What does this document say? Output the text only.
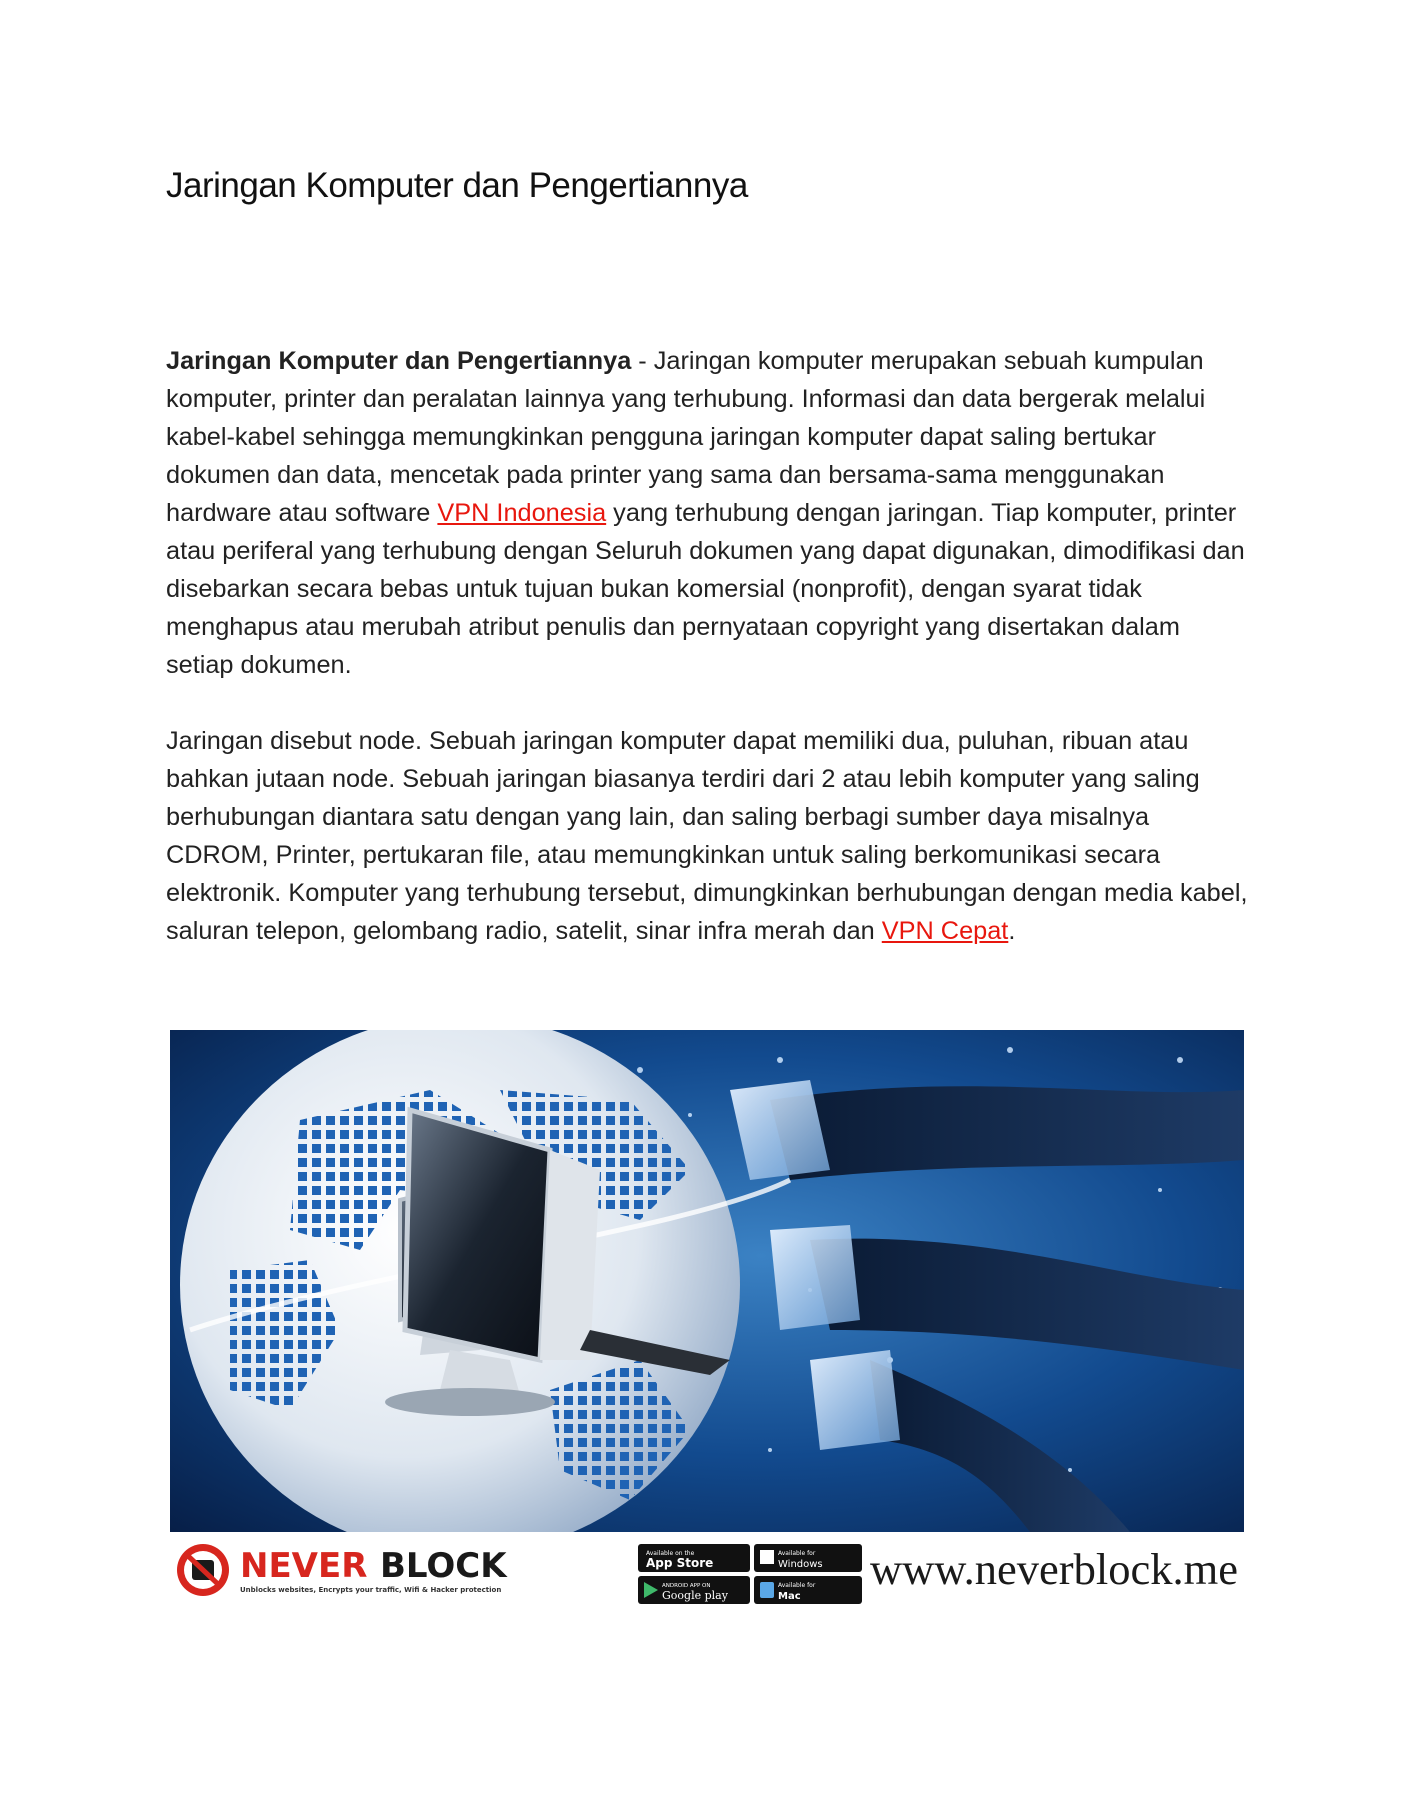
Jaringan Komputer dan Pengertiannya

Jaringan Komputer dan Pengertiannya - Jaringan komputer merupakan sebuah kumpulan komputer, printer dan peralatan lainnya yang terhubung. Informasi dan data bergerak melalui kabel-kabel sehingga memungkinkan pengguna jaringan komputer dapat saling bertukar dokumen dan data, mencetak pada printer yang sama dan bersama-sama menggunakan hardware atau software VPN Indonesia yang terhubung dengan jaringan. Tiap komputer, printer atau periferal yang terhubung dengan Seluruh dokumen yang dapat digunakan, dimodifikasi dan disebarkan secara bebas untuk tujuan bukan komersial (nonprofit), dengan syarat tidak menghapus atau merubah atribut penulis dan pernyataan copyright yang disertakan dalam setiap dokumen.

Jaringan disebut node. Sebuah jaringan komputer dapat memiliki dua, puluhan, ribuan atau bahkan jutaan node. Sebuah jaringan biasanya terdiri dari 2 atau lebih komputer yang saling berhubungan diantara satu dengan yang lain, dan saling berbagi sumber daya misalnya CDROM, Printer, pertukaran file, atau memungkinkan untuk saling berkomunikasi secara elektronik. Komputer yang terhubung tersebut, dimungkinkan berhubungan dengan media kabel, saluran telepon, gelombang radio, satelit, sinar infra merah dan VPN Cepat.

NEVER BLOCK
Unblocks websites, Encrypts your traffic, Wifi & Hacker protection
Available on the
App Store
Available for
Windows
ANDROID APP ON
Google play
Available for
Mac
www.neverblock.me
